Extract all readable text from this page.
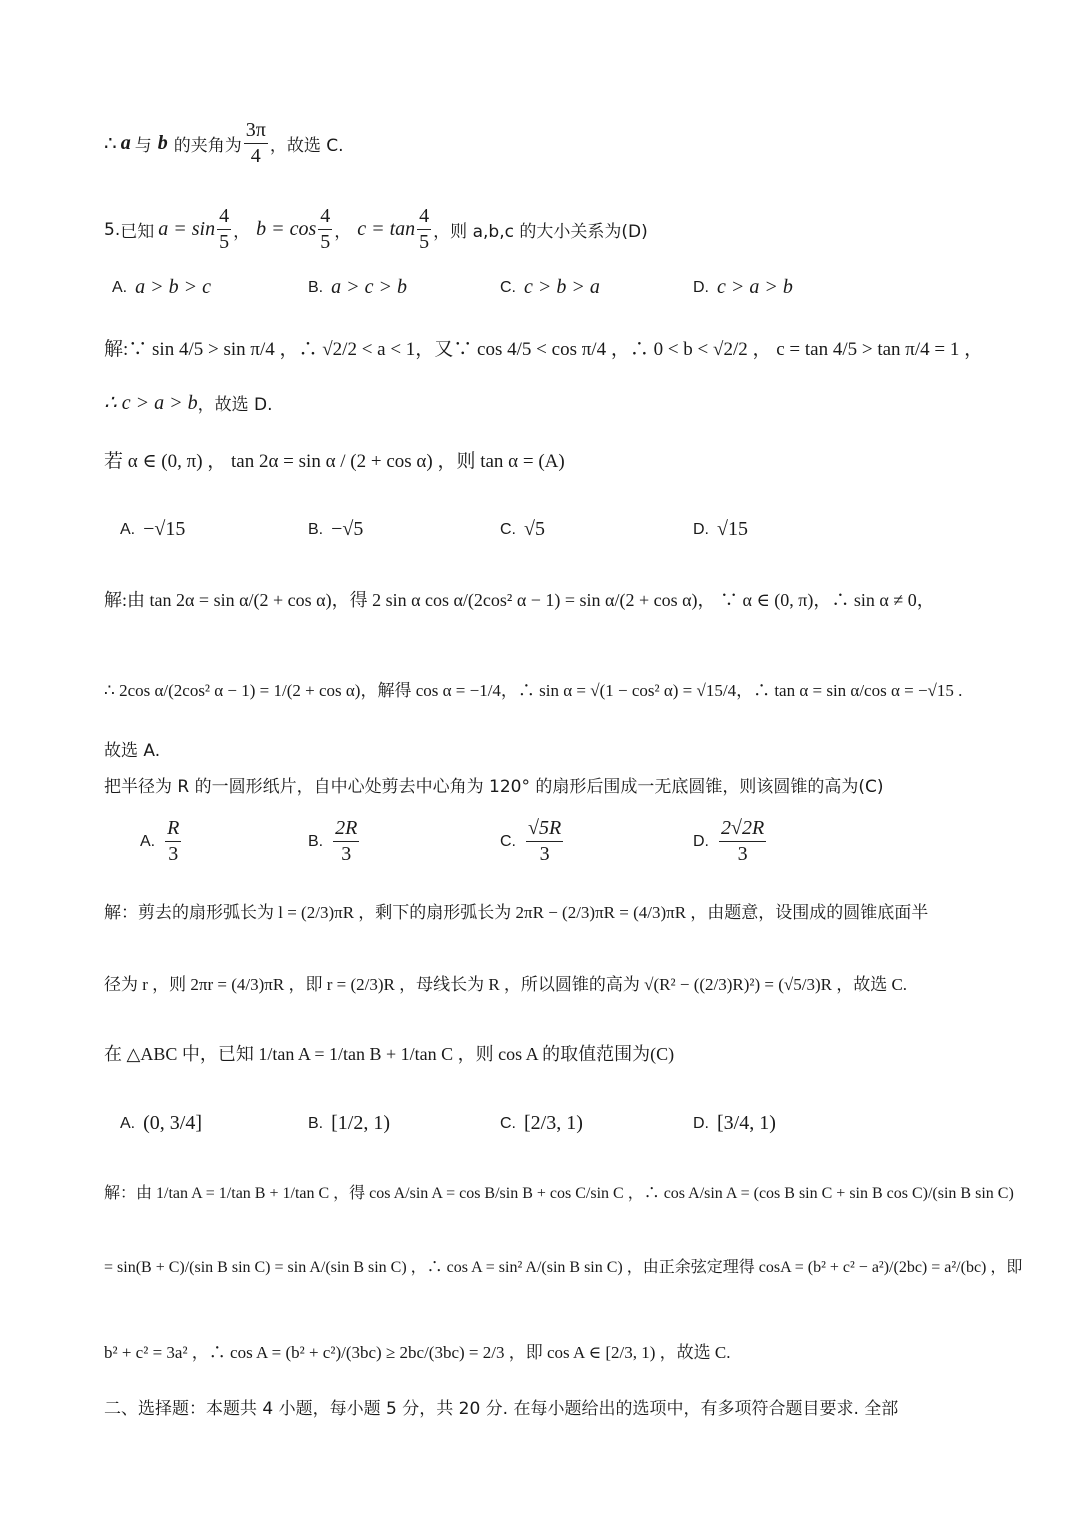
∴ a 与 b 的夹角为 $\frac{3\pi}{4}$ ，故选 C.
5. 已知 $a = \sin \frac{4}{5}$ ， $b = \cos \frac{4}{5}$ ， $c = \tan \frac{4}{5}$ ，则 a,b,c 的大小关系为(D)
A. a > b > c	B. a > c > b	C. c > b > a	D. c > a > b
解:∵ sin 4/5 > sin π/4 ，∴ √2/2 < a < 1，又∵ cos 4/5 < cos π/4 ，∴ 0 < b < √2/2 ， c = tan 4/5 > tan π/4 = 1 ，
∴ c > a > b ，故选 D.
若 α ∈ (0, π) ， tan 2α = sin α / (2 + cos α) ，则 tan α = (A)
A. −√15	B. −√5	C. √5	D. √15
解:由 tan 2α = sin α/(2 + cos α)，得 2 sin α cos α/(2cos² α − 1) = sin α/(2 + cos α)， ∵ α ∈ (0, π)，∴ sin α ≠ 0，
∴ 2cos α/(2cos² α − 1) = 1/(2 + cos α)，解得 cos α = −1/4，∴ sin α = √(1 − cos² α) = √15/4，∴ tan α = sin α/cos α = −√15 .
故选 A.
把半径为 R 的一圆形纸片，自中心处剪去中心角为 120° 的扇形后围成一无底圆锥，则该圆锥的高为(C)
A. $\frac{R}{3}$	B. $\frac{2R}{3}$	C. $\frac{√5R}{3}$	D. $\frac{2√2R}{3}$
解：剪去的扇形弧长为 l = (2/3)πR ，剩下的扇形弧长为 2πR − (2/3)πR = (4/3)πR ，由题意，设围成的圆锥底面半
径为 r ，则 2πr = (4/3)πR ，即 r = (2/3)R ，母线长为 R ，所以圆锥的高为 √(R² − ((2/3)R)²) = (√5/3)R ，故选 C.
在 △ABC 中，已知 1/tan A = 1/tan B + 1/tan C ，则 cos A 的取值范围为(C)
A. (0, 3/4]	B. [1/2, 1)	C. [2/3, 1)	D. [3/4, 1)
解：由 1/tan A = 1/tan B + 1/tan C ，得 cos A/sin A = cos B/sin B + cos C/sin C ，∴ cos A/sin A = (cos B sin C + sin B cos C)/(sin B sin C)
= sin(B + C)/(sin B sin C) = sin A/(sin B sin C) ，∴ cos A = sin² A/(sin B sin C) ，由正余弦定理得 cosA = (b² + c² − a²)/(2bc) = a²/(bc) ，即
b² + c² = 3a² ，∴ cos A = (b² + c²)/(3bc) ≥ 2bc/(3bc) = 2/3 ，即 cos A ∈ [2/3, 1) ，故选 C.
二、选择题：本题共 4 小题，每小题 5 分，共 20 分. 在每小题给出的选项中，有多项符合题目要求. 全部
